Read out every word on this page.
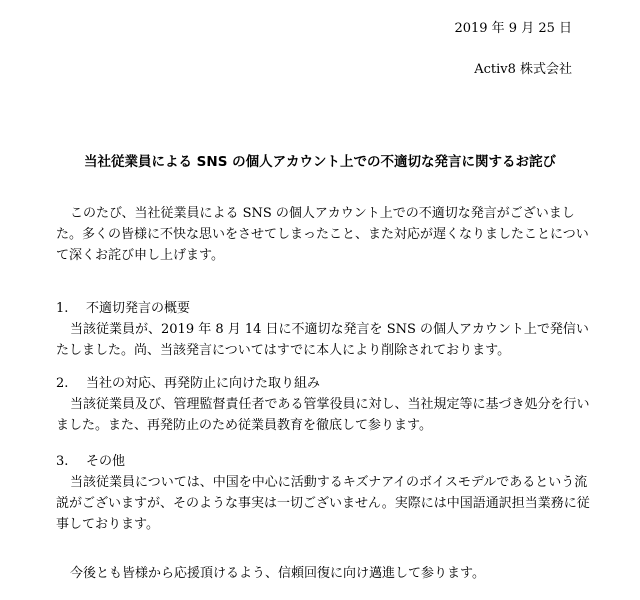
2019 年 9 月 25 日
Activ8 株式会社
当社従業員による SNS の個人アカウント上での不適切な発言に関するお詫び
このたび、当社従業員による SNS の個人アカウント上での不適切な発言がございました。多くの皆様に不快な思いをさせてしまったこと、また対応が遅くなりましたことについて深くお詫び申し上げます。
1. 不適切発言の概要
当該従業員が、2019 年 8 月 14 日に不適切な発言を SNS の個人アカウント上で発信いたしました。尚、当該発言についてはすでに本人により削除されております。
2. 当社の対応、再発防止に向けた取り組み
当該従業員及び、管理監督責任者である管掌役員に対し、当社規定等に基づき処分を行いました。また、再発防止のため従業員教育を徹底して参ります。
3. その他
当該従業員については、中国を中心に活動するキズナアイのボイスモデルであるという流説がございますが、そのような事実は一切ございません。実際には中国語通訳担当業務に従事しております。
今後とも皆様から応援頂けるよう、信頼回復に向け邁進して参ります。
